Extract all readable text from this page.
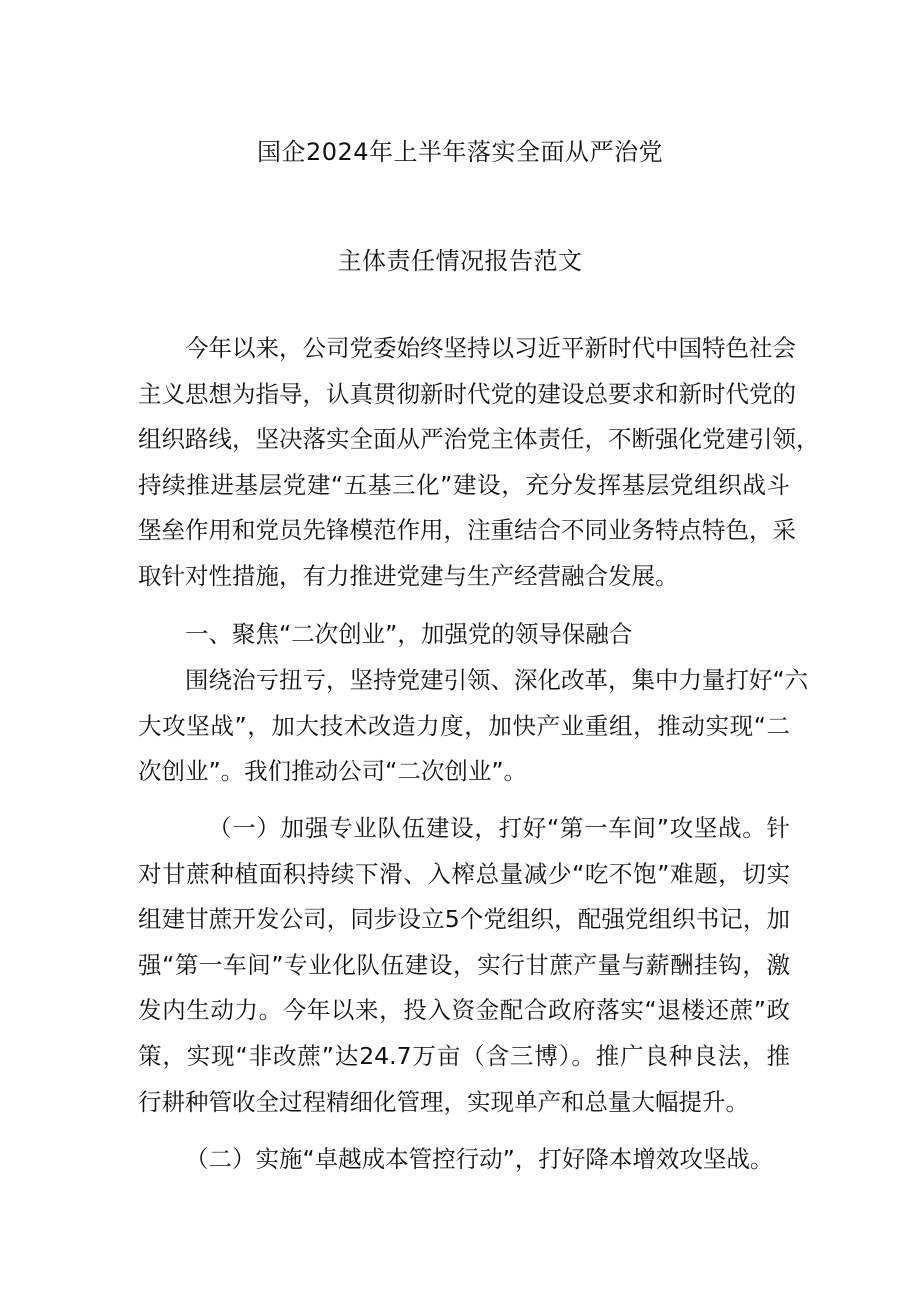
国企2024年上半年落实全面从严治党
主体责任情况报告范文
今年以来，公司党委始终坚持以习近平新时代中国特色社会
主义思想为指导，认真贯彻新时代党的建设总要求和新时代党的
组织路线，坚决落实全面从严治党主体责任，不断强化党建引领，
持续推进基层党建“五基三化”建设，充分发挥基层党组织战斗
堡垒作用和党员先锋模范作用，注重结合不同业务特点特色，采
取针对性措施，有力推进党建与生产经营融合发展。
一、聚焦“二次创业”，加强党的领导保融合
围绕治亏扭亏，坚持党建引领、深化改革，集中力量打好“六
大攻坚战”，加大技术改造力度，加快产业重组，推动实现“二
次创业”。我们推动公司“二次创业”。
（一）加强专业队伍建设，打好“第一车间”攻坚战。针
对甘蔗种植面积持续下滑、入榨总量减少“吃不饱”难题，切实
组建甘蔗开发公司，同步设立5个党组织，配强党组织书记，加
强“第一车间”专业化队伍建设，实行甘蔗产量与薪酬挂钩，激
发内生动力。今年以来，投入资金配合政府落实“退楼还蔗”政
策，实现“非改蔗”达24.7万亩（含三博）。推广良种良法，推
行耕种管收全过程精细化管理，实现单产和总量大幅提升。
（二）实施“卓越成本管控行动”，打好降本增效攻坚战。
